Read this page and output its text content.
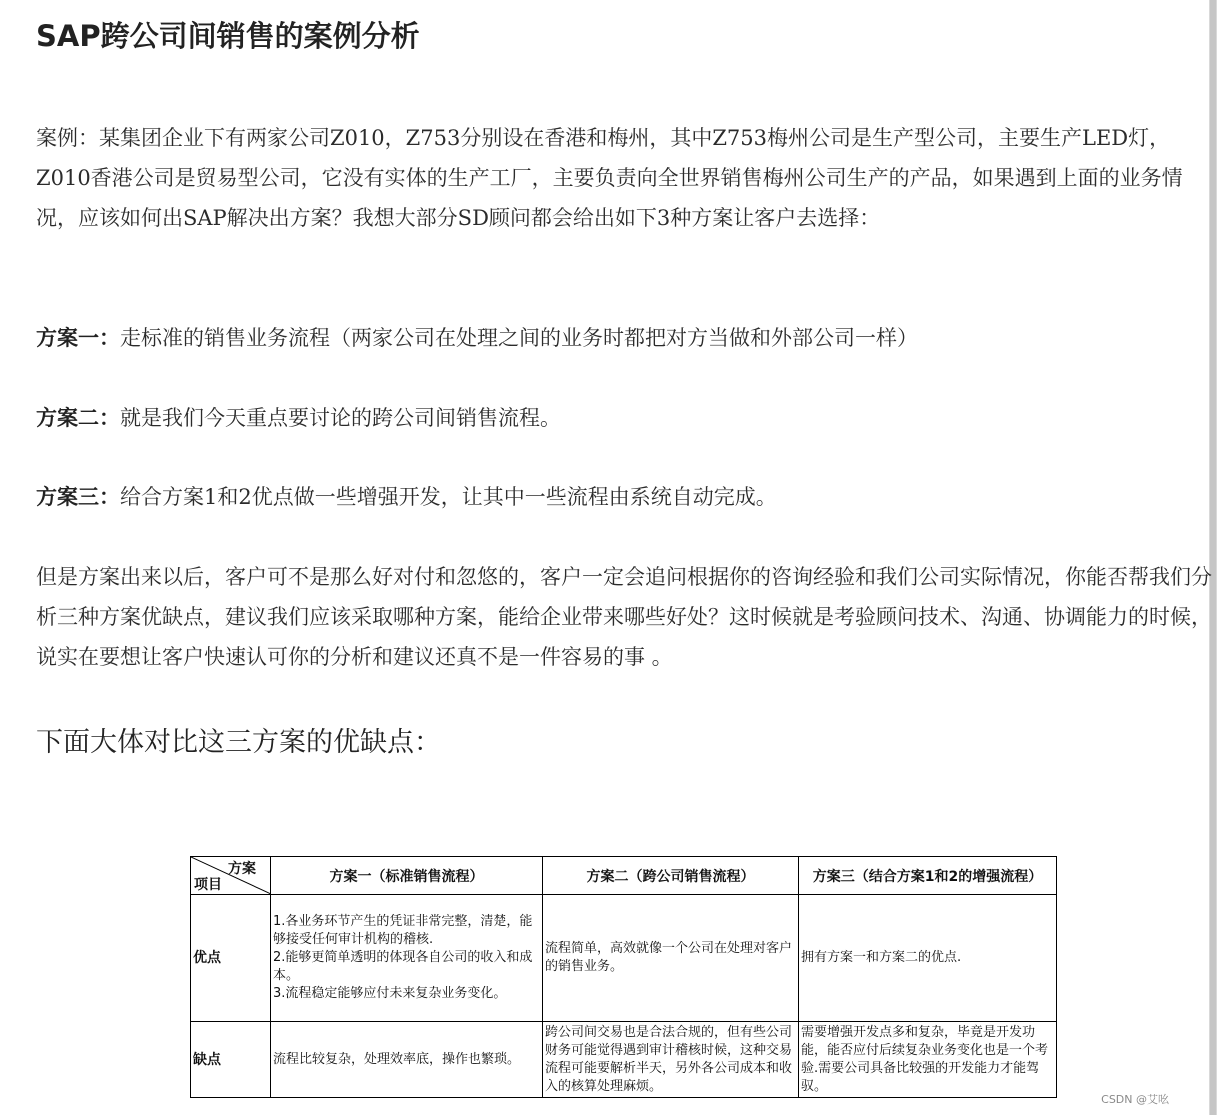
SAP跨公司间销售的案例分析

案例：某集团企业下有两家公司Z010，Z753分别设在香港和梅州，其中Z753梅州公司是生产型公司，主要生产LED灯，Z010香港公司是贸易型公司，它没有实体的生产工厂，主要负责向全世界销售梅州公司生产的产品，如果遇到上面的业务情况，应该如何出SAP解决出方案？我想大部分SD顾问都会给出如下3种方案让客户去选择：

方案一：走标准的销售业务流程（两家公司在处理之间的业务时都把对方当做和外部公司一样）

方案二：就是我们今天重点要讨论的跨公司间销售流程。

方案三：给合方案1和2优点做一些增强开发，让其中一些流程由系统自动完成。

但是方案出来以后，客户可不是那么好对付和忽悠的，客户一定会追问根据你的咨询经验和我们公司实际情况，你能否帮我们分析三种方案优缺点，建议我们应该采取哪种方案，能给企业带来哪些好处？这时候就是考验顾问技术、沟通、协调能力的时候，说实在要想让客户快速认可你的分析和建议还真不是一件容易的事 。

下面大体对比这三方案的优缺点：
方案
项目	方案一（标准销售流程）	方案二（跨公司销售流程）	方案三（结合方案1和2的增强流程）
优点	1.各业务环节产生的凭证非常完整，清楚，能够接受任何审计机构的稽核.
2.能够更简单透明的体现各自公司的收入和成本。
3.流程稳定能够应付未来复杂业务变化。	流程简单，高效就像一个公司在处理对客户的销售业务。	拥有方案一和方案二的优点.

缺点	流程比较复杂，处理效率底，操作也繁琐。	跨公司间交易也是合法合规的，但有些公司财务可能觉得遇到审计稽核时候，这种交易流程可能要解析半天，另外各公司成本和收入的核算处理麻烦。	需要增强开发点多和复杂，毕竟是开发功能，能否应付后续复杂业务变化也是一个考验.需要公司具备比较强的开发能力才能驾驭。
CSDN @艾吆
